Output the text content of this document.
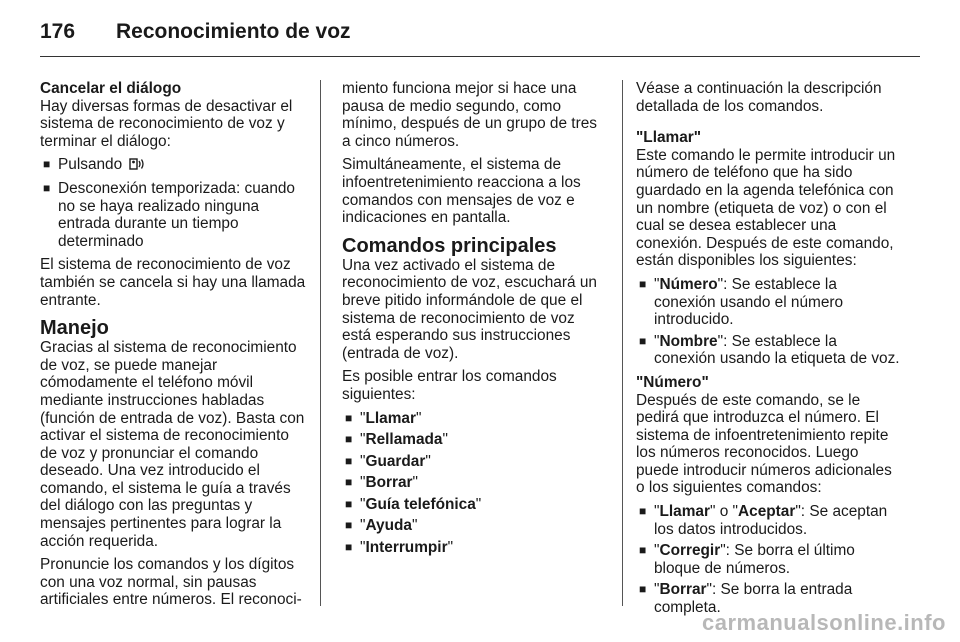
176 Reconocimiento de voz

Cancelar el diálogo

Hay diversas formas de desactivar el sistema de reconocimiento de voz y terminar el diálogo:

■ Pulsando
■ Desconexión temporizada: cuando no se haya realizado ninguna entrada durante un tiempo determinado

El sistema de reconocimiento de voz también se cancela si hay una llamada entrante.

Manejo

Gracias al sistema de reconocimiento de voz, se puede manejar cómodamente el teléfono móvil mediante instrucciones habladas (función de entrada de voz). Basta con activar el sistema de reconocimiento de voz y pronunciar el comando deseado. Una vez introducido el comando, el sistema le guía a través del diálogo con las preguntas y mensajes pertinentes para lograr la acción requerida.

Pronuncie los comandos y los dígitos con una voz normal, sin pausas artificiales entre números. El reconoci-

miento funciona mejor si hace una pausa de medio segundo, como mínimo, después de un grupo de tres a cinco números.

Simultáneamente, el sistema de infoentretenimiento reacciona a los comandos con mensajes de voz e indicaciones en pantalla.

Comandos principales

Una vez activado el sistema de reconocimiento de voz, escuchará un breve pitido informándole de que el sistema de reconocimiento de voz está esperando sus instrucciones (entrada de voz).

Es posible entrar los comandos siguientes:

■ "Llamar"
■ "Rellamada"
■ "Guardar"
■ "Borrar"
■ "Guía telefónica"
■ "Ayuda"
■ "Interrumpir"

Véase a continuación la descripción detallada de los comandos.

"Llamar"

Este comando le permite introducir un número de teléfono que ha sido guardado en la agenda telefónica con un nombre (etiqueta de voz) o con el cual se desea establecer una conexión. Después de este comando, están disponibles los siguientes:

■ "Número": Se establece la conexión usando el número introducido.
■ "Nombre": Se establece la conexión usando la etiqueta de voz.

"Número"

Después de este comando, se le pedirá que introduzca el número. El sistema de infoentretenimiento repite los números reconocidos. Luego puede introducir números adicionales o los siguientes comandos:

■ "Llamar" o "Aceptar": Se aceptan los datos introducidos.
■ "Corregir": Se borra el último bloque de números.
■ "Borrar": Se borra la entrada completa.
carmanualsonline.info
